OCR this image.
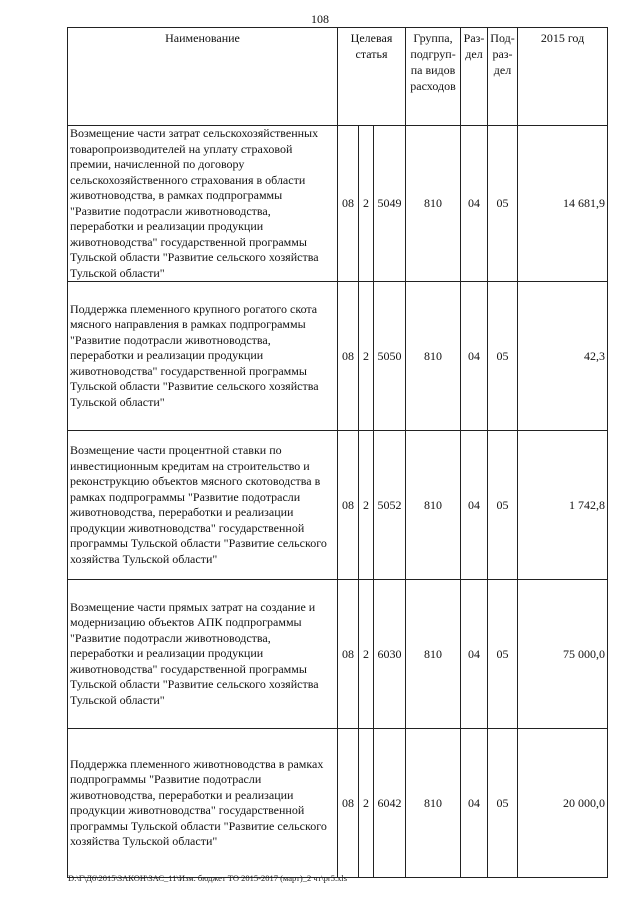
108
Наименование	Целевая статья			Группа, подгруп-па видов расходов	Раз-дел	Под-раз-дел	2015 год
Возмещение части затрат сельскохозяйственных товаропроизводителей на уплату страховой премии, начисленной по договору сельскохозяйственного страхования в области животноводства, в рамках подпрограммы "Развитие подотрасли животноводства, переработки и реализации продукции животноводства" государственной программы Тульской области "Развитие сельского хозяйства Тульской области"	08	2	5049	810	04	05	14 681,9
Поддержка племенного крупного рогатого скота мясного направления в рамках подпрограммы "Развитие подотрасли животноводства, переработки и реализации продукции животноводства" государственной программы Тульской области "Развитие сельского хозяйства Тульской области"	08	2	5050	810	04	05	42,3
Возмещение части процентной ставки по инвестиционным кредитам на строительство и реконструкцию объектов мясного скотоводства в рамках подпрограммы "Развитие подотрасли животноводства, переработки и реализации продукции животноводства" государственной программы Тульской области "Развитие сельского хозяйства Тульской области"	08	2	5052	810	04	05	1 742,8
Возмещение части прямых затрат на создание и модернизацию объектов АПК подпрограммы "Развитие подотрасли животноводства, переработки и реализации продукции животноводства" государственной программы Тульской области "Развитие сельского хозяйства Тульской области"	08	2	6030	810	04	05	75 000,0
Поддержка племенного животноводства в рамках подпрограммы "Развитие подотрасли животноводства, переработки и реализации продукции животноводства" государственной программы Тульской области "Развитие сельского хозяйства Тульской области"	08	2	6042	810	04	05	20 000,0
D:\Г\Д6\2015\ЗАКОН\ЗАС_11\Изм. бюджет ТО 2015-2017 (март)_2 чт\pr5.xls
